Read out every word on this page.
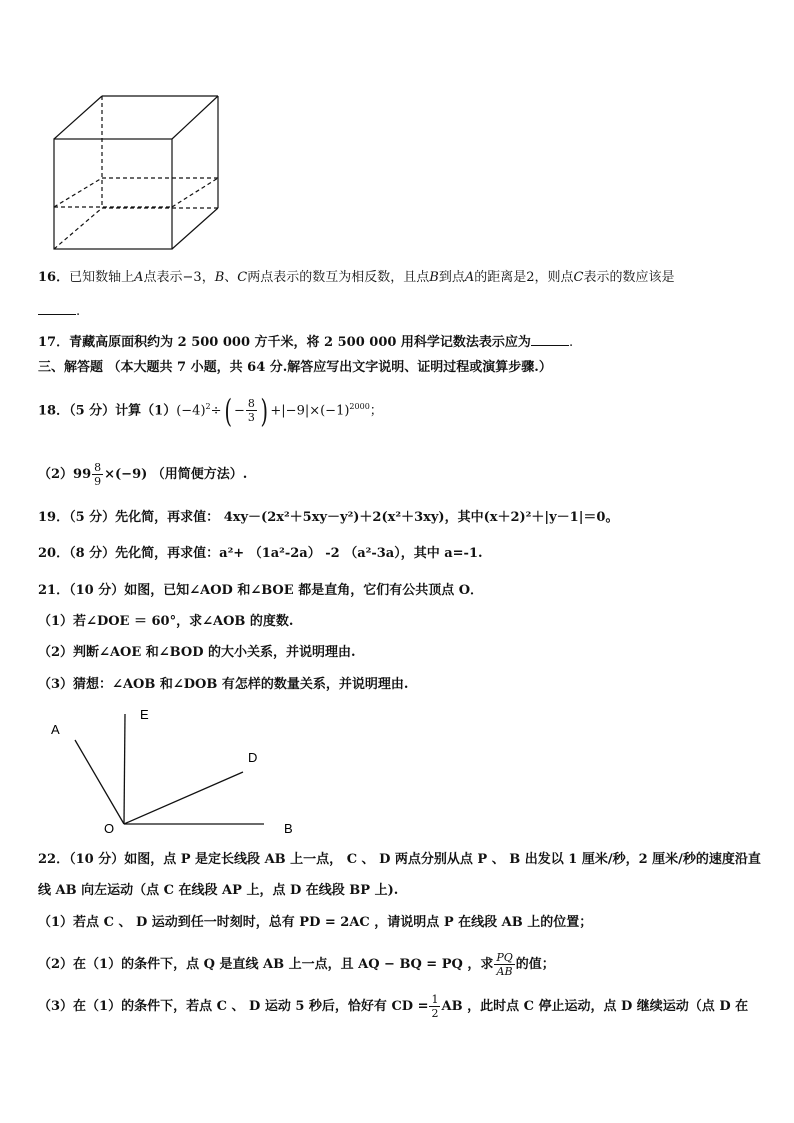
16．已知数轴上A点表示−3，B、C两点表示的数互为相反数，且点B到点A的距离是2，则点C表示的数应该是
.
17．青藏高原面积约为 2 500 000 方千米，将 2 500 000 用科学记数法表示应为	.
三、解答题 （本大题共 7 小题，共 64 分.解答应写出文字说明、证明过程或演算步骤.）
18．（5 分）计算$(1)(-4)^2\div( - \frac{8}{3}$ ) $+|-9|\times(-1)^{2000}$；
$(2)99 \frac{8}{9} \times(-9)$ （用简便方法）.
19．（5 分）先化简，再求值： 4xy－(2x²＋5xy－y²)＋2(x²＋3xy)，其中(x＋2)²＋|y－1|＝0。
20．（8 分）先化简，再求值：a²+ （1a²-2a） -2 （a²-3a），其中 a=-1.
21．（10 分）如图，已知∠AOD 和∠BOE 都是直角，它们有公共顶点 O．
（1）若∠DOE ＝ 60°，求∠AOB 的度数.
（2）判断∠AOE 和∠BOD 的大小关系，并说明理由.
（3）猜想：∠AOB 和∠DOB 有怎样的数量关系，并说明理由.
A
E
D
O	B
22．（10 分）如图，点 P 是定长线段 AB 上一点， C 、 D 两点分别从点 P 、 B 出发以 1 厘米/秒，2 厘米/秒的速度沿直
线 AB 向左运动（点 C 在线段 AP 上，点 D 在线段 BP 上).
（1）若点 C 、 D 运动到任一时刻时，总有 PD = 2AC ，请说明点 P 在线段 AB 上的位置；
（2）在（1）的条件下，点 Q 是直线 AB 上一点，且 AQ − BQ = PQ ，求 $\frac{PQ}{AB}$ 的值；
（3）在（1）的条件下，若点 C 、 D 运动 5 秒后，恰好有 CD = $\frac{1}{2}$ AB ，此时点 C 停止运动，点 D 继续运动（点 D 在
